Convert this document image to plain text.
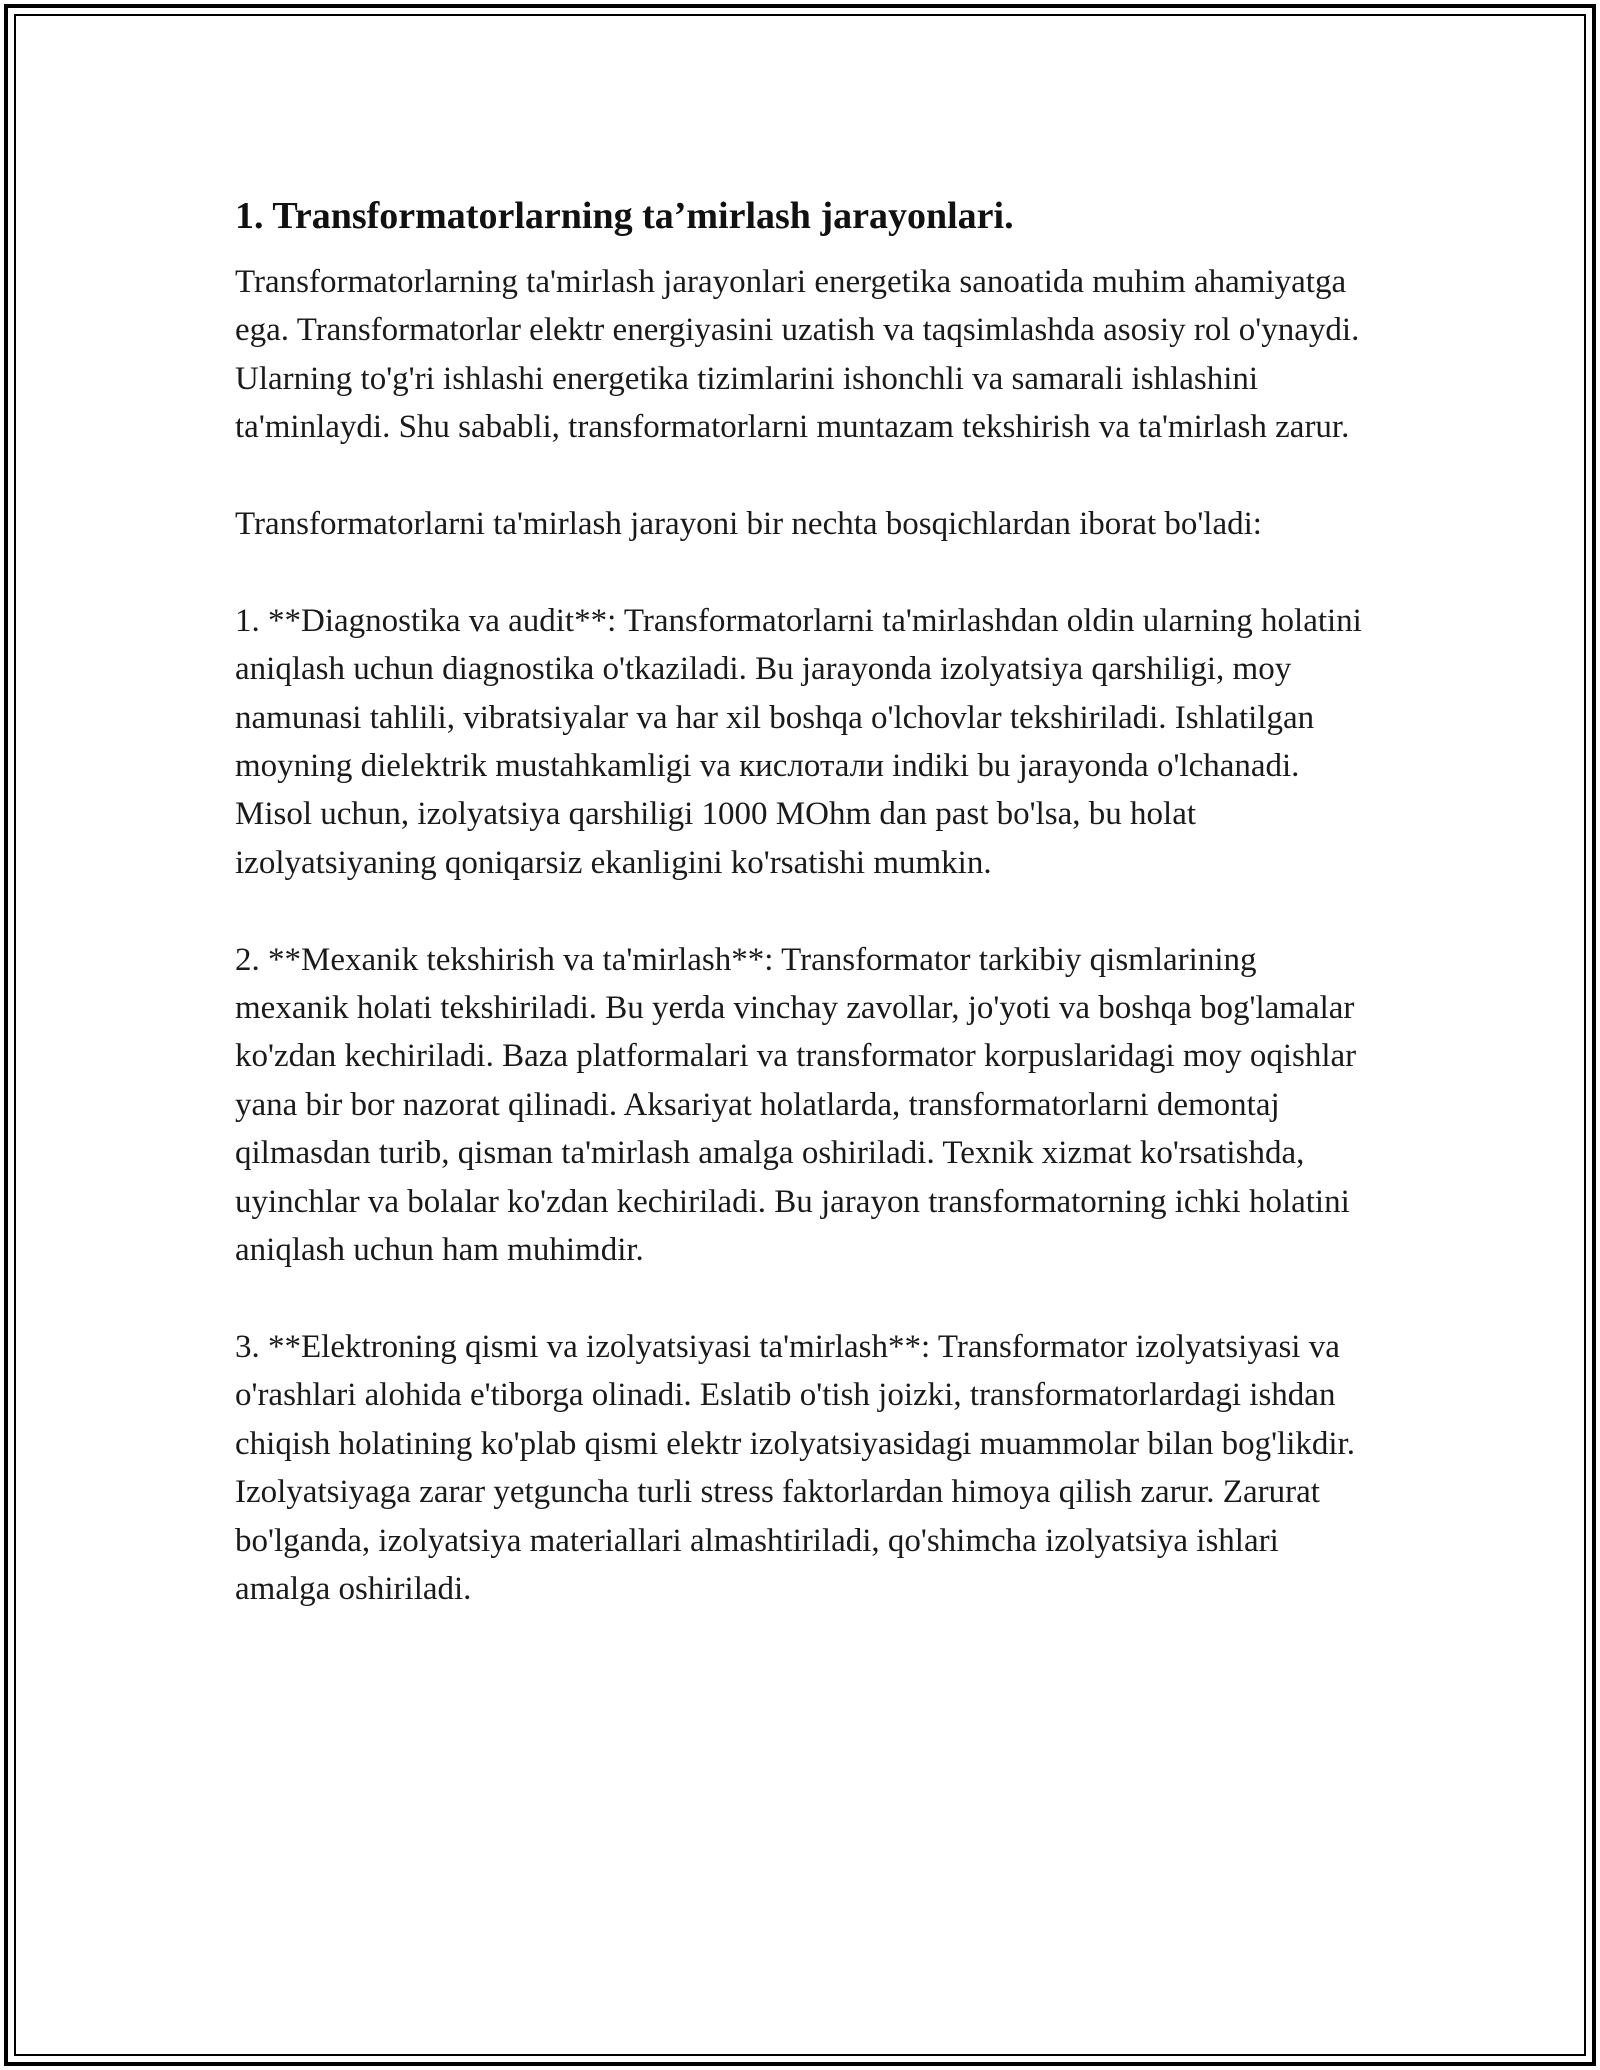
1. Transformatorlarning ta’mirlash jarayonlari.

Transformatorlarning ta'mirlash jarayonlari energetika sanoatida muhim ahamiyatga ega. Transformatorlar elektr energiyasini uzatish va taqsimlashda asosiy rol o'ynaydi. Ularning to'g'ri ishlashi energetika tizimlarini ishonchli va samarali ishlashini ta'minlaydi. Shu sababli, transformatorlarni muntazam tekshirish va ta'mirlash zarur.

Transformatorlarni ta'mirlash jarayoni bir nechta bosqichlardan iborat bo'ladi:

1. **Diagnostika va audit**: Transformatorlarni ta'mirlashdan oldin ularning holatini aniqlash uchun diagnostika o'tkaziladi. Bu jarayonda izolyatsiya qarshiligi, moy namunasi tahlili, vibratsiyalar va har xil boshqa o'lchovlar tekshiriladi. Ishlatilgan moyning dielektrik mustahkamligi va кислотали indiki bu jarayonda o'lchanadi. Misol uchun, izolyatsiya qarshiligi 1000 MOhm dan past bo'lsa, bu holat izolyatsiyaning qoniqarsiz ekanligini ko'rsatishi mumkin.

2. **Mexanik tekshirish va ta'mirlash**: Transformator tarkibiy qismlarining mexanik holati tekshiriladi. Bu yerda vinchay zavollar, jo'yoti va boshqa bog'lamalar ko'zdan kechiriladi. Baza platformalari va transformator korpuslaridagi moy oqishlar yana bir bor nazorat qilinadi. Aksariyat holatlarda, transformatorlarni demontaj qilmasdan turib, qisman ta'mirlash amalga oshiriladi. Texnik xizmat ko'rsatishda, uyinchlar va bolalar ko'zdan kechiriladi. Bu jarayon transformatorning ichki holatini aniqlash uchun ham muhimdir.

3. **Elektroning qismi va izolyatsiyasi ta'mirlash**: Transformator izolyatsiyasi va o'rashlari alohida e'tiborga olinadi. Eslatib o'tish joizki, transformatorlardagi ishdan chiqish holatining ko'plab qismi elektr izolyatsiyasidagi muammolar bilan bog'likdir. Izolyatsiyaga zarar yetguncha turli stress faktorlardan himoya qilish zarur. Zarurat bo'lganda, izolyatsiya materiallari almashtiriladi, qo'shimcha izolyatsiya ishlari amalga oshiriladi.
